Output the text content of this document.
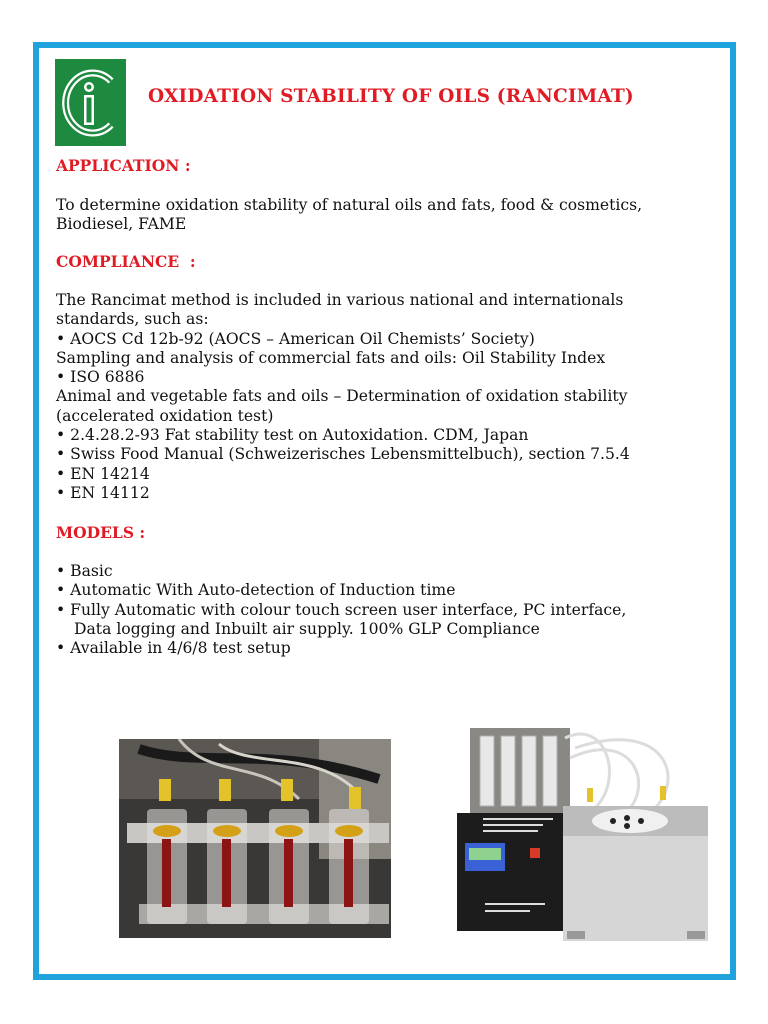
OXIDATION STABILITY OF OILS (RANCIMAT)
APPLICATION :
To determine oxidation stability of natural oils and fats, food & cosmetics,
Biodiesel, FAME
COMPLIANCE  :
The Rancimat method is included in various national and internationals
standards, such as:
• AOCS Cd 12b-92 (AOCS – American Oil Chemists’ Society)
Sampling and analysis of commercial fats and oils: Oil Stability Index
• ISO 6886
Animal and vegetable fats and oils – Determination of oxidation stability
(accelerated oxidation test)
• 2.4.28.2-93 Fat stability test on Autoxidation. CDM, Japan
• Swiss Food Manual (Schweizerisches Lebensmittelbuch), section 7.5.4
• EN 14214
• EN 14112
MODELS :
• Basic
• Automatic With Auto-detection of Induction time
• Fully Automatic with colour touch screen user interface, PC interface,
Data logging and Inbuilt air supply. 100% GLP Compliance
• Available in 4/6/8 test setup
